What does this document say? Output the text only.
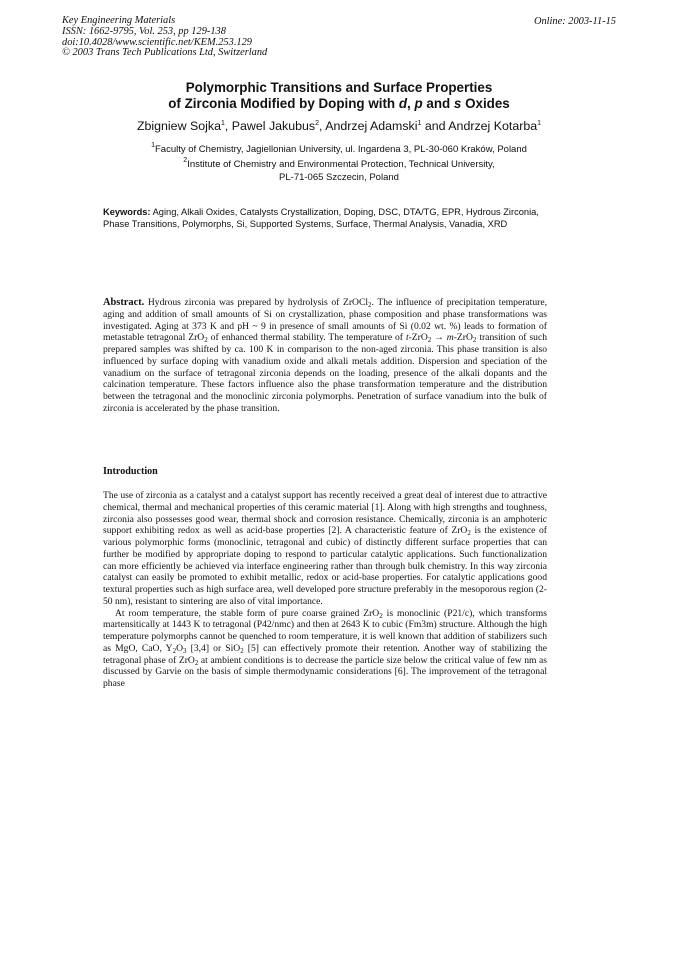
Key Engineering Materials
ISSN: 1662-9795, Vol. 253, pp 129-138
doi:10.4028/www.scientific.net/KEM.253.129
© 2003 Trans Tech Publications Ltd, Switzerland
Online: 2003-11-15
Polymorphic Transitions and Surface Properties
of Zirconia Modified by Doping with d, p and s Oxides
Zbigniew Sojka$^1$, Pawel Jakubus$^2$, Andrzej Adamski$^1$ and Andrzej Kotarba$^1$
$^1$Faculty of Chemistry, Jagiellonian University, ul. Ingardena 3, PL-30-060 Kraków, Poland
$^2$Institute of Chemistry and Environmental Protection, Technical University,
PL-71-065 Szczecin, Poland
Keywords: Aging, Alkali Oxides, Catalysts Crystallization, Doping, DSC, DTA/TG, EPR, Hydrous Zirconia, Phase Transitions, Polymorphs, Si, Supported Systems, Surface, Thermal Analysis, Vanadia, XRD
Abstract. Hydrous zirconia was prepared by hydrolysis of ZrOCl$_2$. The influence of precipitation temperature, aging and addition of small amounts of Si on crystallization, phase composition and phase transformations was investigated. Aging at 373 K and pH ~ 9 in presence of small amounts of Si (0.02 wt. %) leads to formation of metastable tetragonal ZrO$_2$ of enhanced thermal stability. The temperature of t-ZrO$_2$ → m-ZrO$_2$ transition of such prepared samples was shifted by ca. 100 K in comparison to the non-aged zirconia. This phase transition is also influenced by surface doping with vanadium oxide and alkali metals addition. Dispersion and speciation of the vanadium on the surface of tetragonal zirconia depends on the loading, presence of the alkali dopants and the calcination temperature. These factors influence also the phase transformation temperature and the distribution between the tetragonal and the monoclinic zirconia polymorphs. Penetration of surface vanadium into the bulk of zirconia is accelerated by the phase transition.
Introduction

The use of zirconia as a catalyst and a catalyst support has recently received a great deal of interest due to attractive chemical, thermal and mechanical properties of this ceramic material [1]. Along with high strengths and toughness, zirconia also possesses good wear, thermal shock and corrosion resistance. Chemically, zirconia is an amphoteric support exhibiting redox as well as acid-base properties [2]. A characteristic feature of ZrO$_2$ is the existence of various polymorphic forms (monoclinic, tetragonal and cubic) of distinctly different surface properties that can further be modified by appropriate doping to respond to particular catalytic applications. Such functionalization can more efficiently be achieved via interface engineering rather than through bulk chemistry. In this way zirconia catalyst can easily be promoted to exhibit metallic, redox or acid-base properties. For catalytic applications good textural properties such as high surface area, well developed pore structure preferably in the mesoporous region (2-50 nm), resistant to sintering are also of vital importance.

At room temperature, the stable form of pure coarse grained ZrO$_2$ is monoclinic (P21/c), which transforms martensitically at 1443 K to tetragonal (P42/nmc) and then at 2643 K to cubic (Fm3m) structure. Although the high temperature polymorphs cannot be quenched to room temperature, it is well known that addition of stabilizers such as MgO, CaO, $Y_2O_3$ [3,4] or SiO$_2$ [5] can effectively promote their retention. Another way of stabilizing the tetragonal phase of ZrO$_2$ at ambient conditions is to decrease the particle size below the critical value of few nm as discussed by Garvie on the basis of simple thermodynamic considerations [6]. The improvement of the tetragonal phase
